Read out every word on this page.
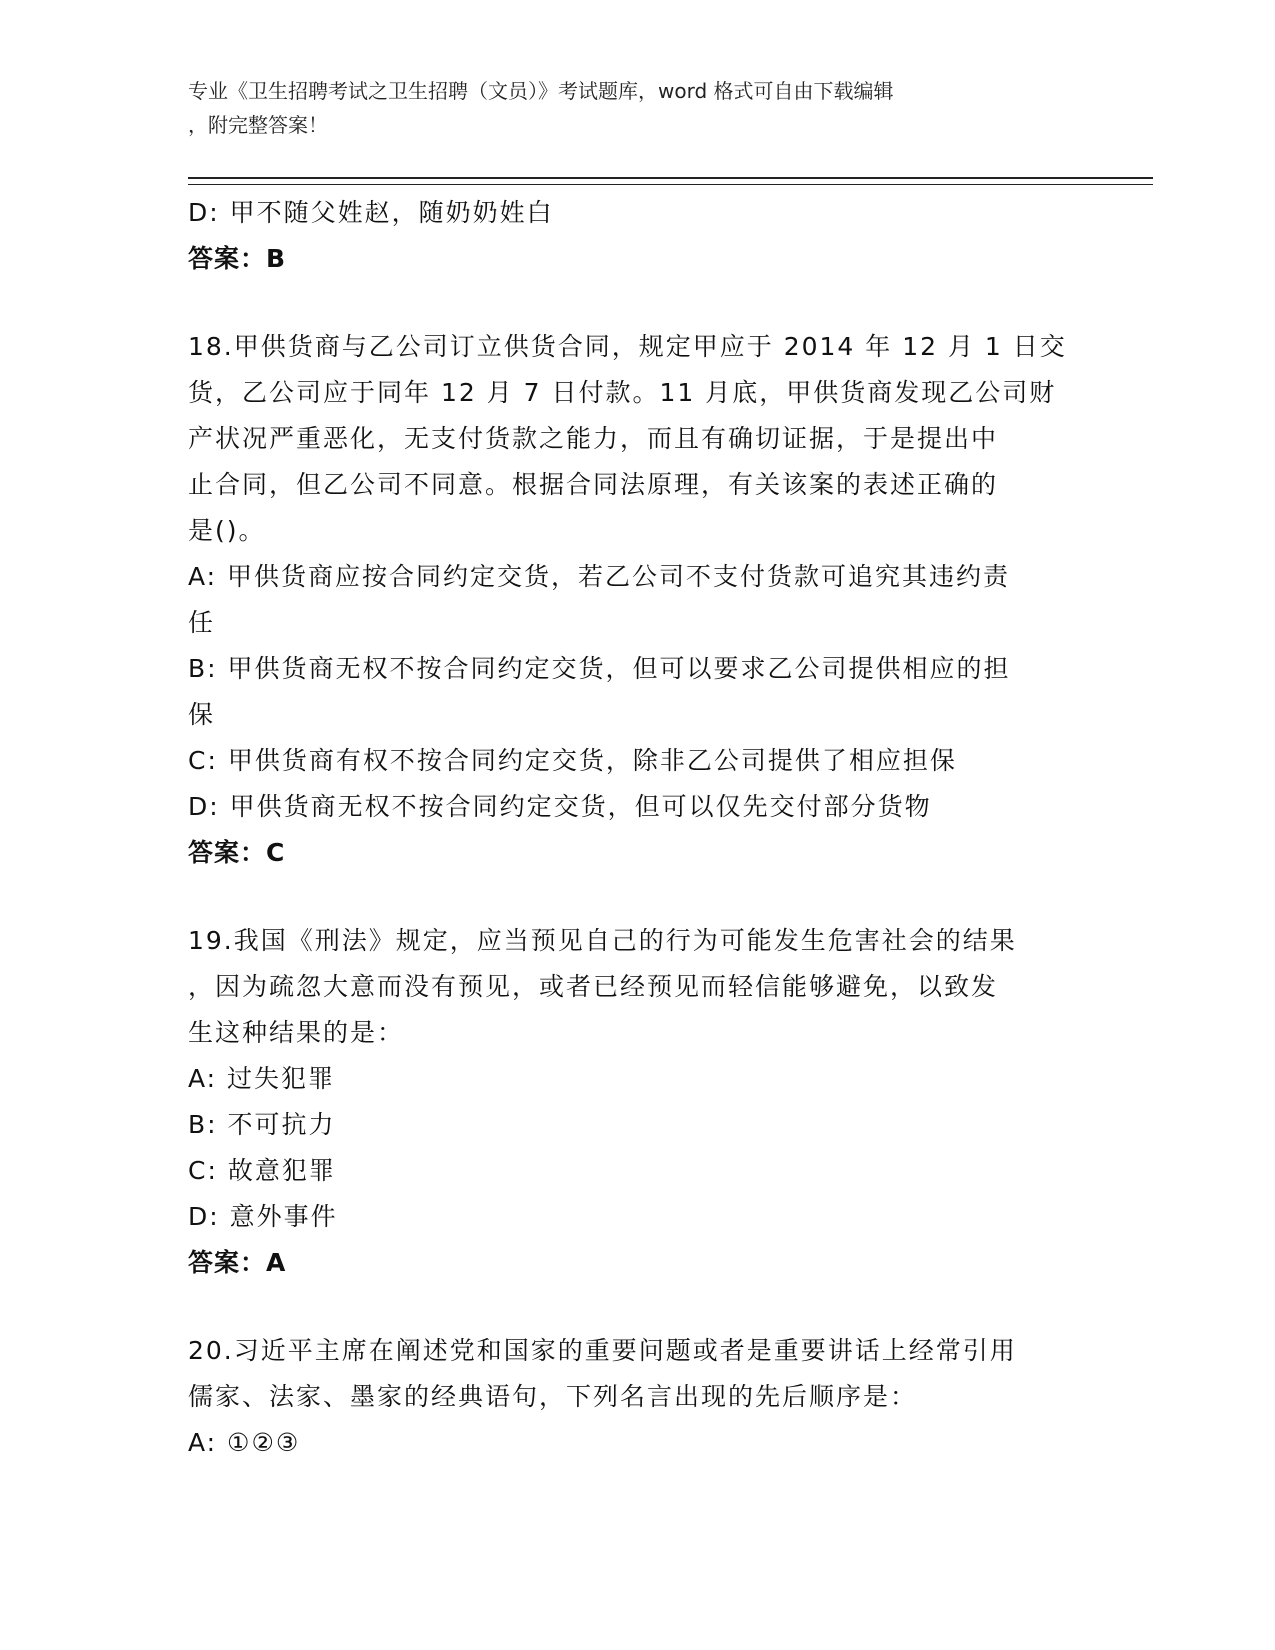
专业《卫生招聘考试之卫生招聘（文员）》考试题库，word 格式可自由下载编辑
，附完整答案！
D: 甲不随父姓赵，随奶奶姓白
答案：B
18.甲供货商与乙公司订立供货合同，规定甲应于 2014 年 12 月 1 日交
货，乙公司应于同年 12 月 7 日付款。11 月底，甲供货商发现乙公司财
产状况严重恶化，无支付货款之能力，而且有确切证据，于是提出中
止合同，但乙公司不同意。根据合同法原理，有关该案的表述正确的
是()。
A: 甲供货商应按合同约定交货，若乙公司不支付货款可追究其违约责
任
B: 甲供货商无权不按合同约定交货，但可以要求乙公司提供相应的担
保
C: 甲供货商有权不按合同约定交货，除非乙公司提供了相应担保
D: 甲供货商无权不按合同约定交货，但可以仅先交付部分货物
答案：C
19.我国《刑法》规定，应当预见自己的行为可能发生危害社会的结果
，因为疏忽大意而没有预见，或者已经预见而轻信能够避免，以致发
生这种结果的是：
A: 过失犯罪
B: 不可抗力
C: 故意犯罪
D: 意外事件
答案：A
20.习近平主席在阐述党和国家的重要问题或者是重要讲话上经常引用
儒家、法家、墨家的经典语句，下列名言出现的先后顺序是：
A: ①②③
